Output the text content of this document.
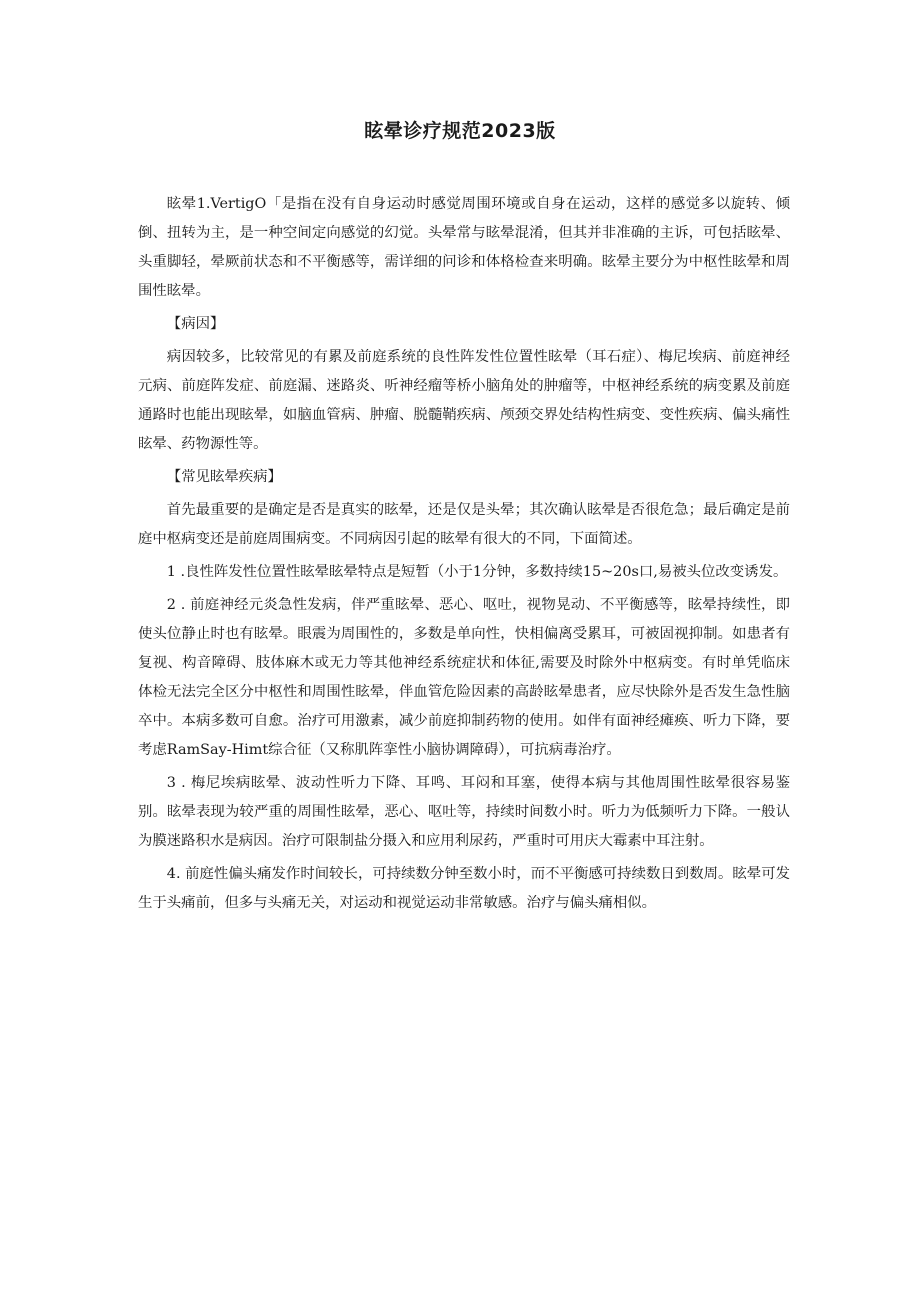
眩晕诊疗规范2023版

眩晕1.VertigO「是指在没有自身运动时感觉周围环境或自身在运动，这样的感觉多以旋转、倾倒、扭转为主，是一种空间定向感觉的幻觉。头晕常与眩晕混淆，但其并非准确的主诉，可包括眩晕、头重脚轻，晕厥前状态和不平衡感等，需详细的问诊和体格检查来明确。眩晕主要分为中枢性眩晕和周围性眩晕。

【病因】

病因较多，比较常见的有累及前庭系统的良性阵发性位置性眩晕（耳石症）、梅尼埃病、前庭神经元病、前庭阵发症、前庭漏、迷路炎、听神经瘤等桥小脑角处的肿瘤等，中枢神经系统的病变累及前庭通路时也能出现眩晕，如脑血管病、肿瘤、脱髓鞘疾病、颅颈交界处结构性病变、变性疾病、偏头痛性眩晕、药物源性等。

【常见眩晕疾病】

首先最重要的是确定是否是真实的眩晕，还是仅是头晕；其次确认眩晕是否很危急；最后确定是前庭中枢病变还是前庭周围病变。不同病因引起的眩晕有很大的不同，下面简述。

1 .良性阵发性位置性眩晕眩晕特点是短暂（小于1分钟，多数持续15~20s口,易被头位改变诱发。

2 . 前庭神经元炎急性发病，伴严重眩晕、恶心、呕吐，视物晃动、不平衡感等，眩晕持续性，即使头位静止时也有眩晕。眼震为周围性的，多数是单向性，快相偏离受累耳，可被固视抑制。如患者有复视、构音障碍、肢体麻木或无力等其他神经系统症状和体征,需要及时除外中枢病变。有时单凭临床体检无法完全区分中枢性和周围性眩晕，伴血管危险因素的高龄眩晕患者，应尽快除外是否发生急性脑卒中。本病多数可自愈。治疗可用激素，减少前庭抑制药物的使用。如伴有面神经瘫痪、听力下降，要考虑RamSay-Himt综合征（又称肌阵挛性小脑协调障碍），可抗病毒治疗。

3 . 梅尼埃病眩晕、波动性听力下降、耳鸣、耳闷和耳塞，使得本病与其他周围性眩晕很容易鉴别。眩晕表现为较严重的周围性眩晕，恶心、呕吐等，持续时间数小时。听力为低频听力下降。一般认为膜迷路积水是病因。治疗可限制盐分摄入和应用利尿药，严重时可用庆大霉素中耳注射。

4. 前庭性偏头痛发作时间较长，可持续数分钟至数小时，而不平衡感可持续数日到数周。眩晕可发生于头痛前，但多与头痛无关，对运动和视觉运动非常敏感。治疗与偏头痛相似。
